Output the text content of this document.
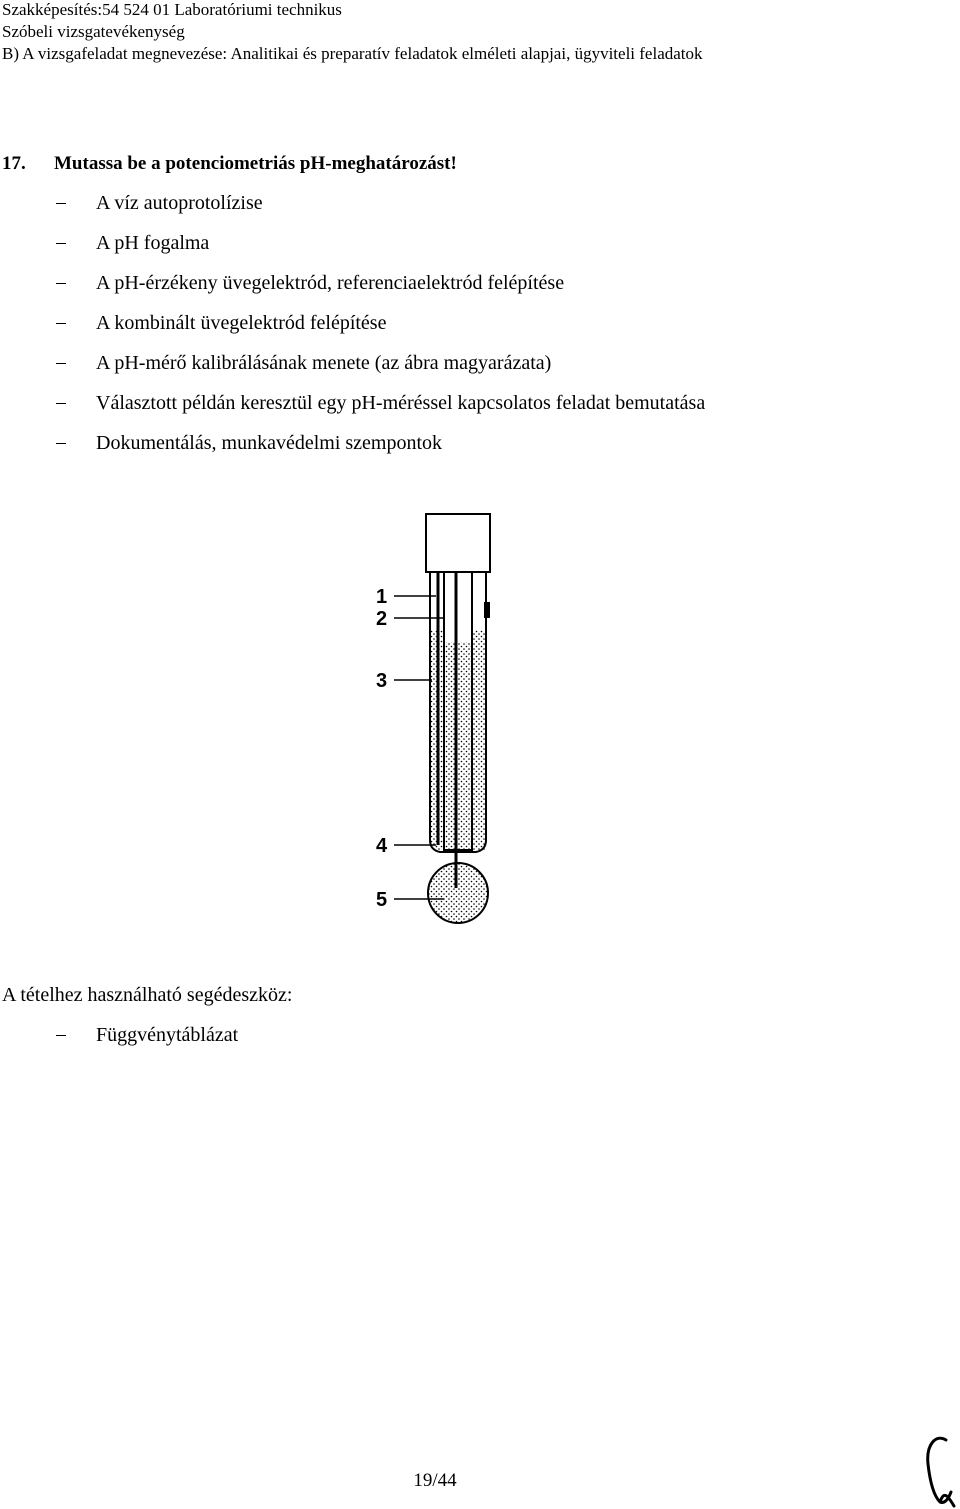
Szakképesítés:54 524 01 Laboratóriumi technikus
Szóbeli vizsgatevékenység
B) A vizsgafeladat megnevezése: Analitikai és preparatív feladatok elméleti alapjai, ügyviteli feladatok
17. Mutassa be a potenciometriás pH-meghatározást!
A víz autoprotolízise
A pH fogalma
A pH-érzékeny üvegelektród, referenciaelektród felépítése
A kombinált üvegelektród felépítése
A pH-mérő kalibrálásának menete (az ábra magyarázata)
Választott példán keresztül egy pH-méréssel kapcsolatos feladat bemutatása
Dokumentálás, munkavédelmi szempontok
1
2
3
4
5
A tételhez használható segédeszköz:
Függvénytáblázat
19/44
